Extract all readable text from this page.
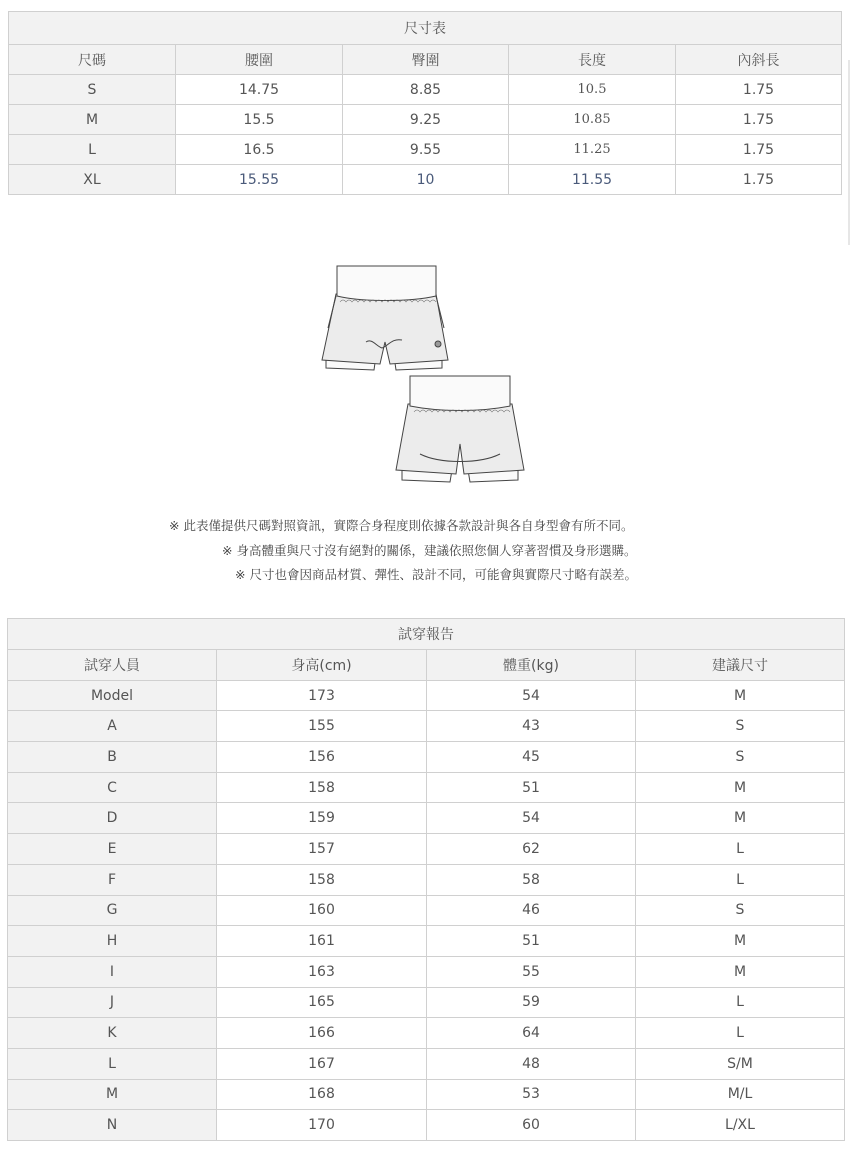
尺寸表				
尺碼	腰圍	臀圍	長度	內斜長
S	14.75	8.85	10.5	1.75
M	15.5	9.25	10.85	1.75
L	16.5	9.55	11.25	1.75
XL	15.55	10	11.55	1.75
※ 此表僅提供尺碼對照資訊，實際合身程度則依據各款設計與各自身型會有所不同。
※ 身高體重與尺寸沒有絕對的關係，建議依照您個人穿著習慣及身形選購。
※ 尺寸也會因商品材質、彈性、設計不同，可能會與實際尺寸略有誤差。
試穿報告			
試穿人員	身高(cm)	體重(kg)	建議尺寸
Model	173	54	M
A	155	43	S
B	156	45	S
C	158	51	M
D	159	54	M
E	157	62	L
F	158	58	L
G	160	46	S
H	161	51	M
I	163	55	M
J	165	59	L
K	166	64	L
L	167	48	S/M
M	168	53	M/L
N	170	60	L/XL
